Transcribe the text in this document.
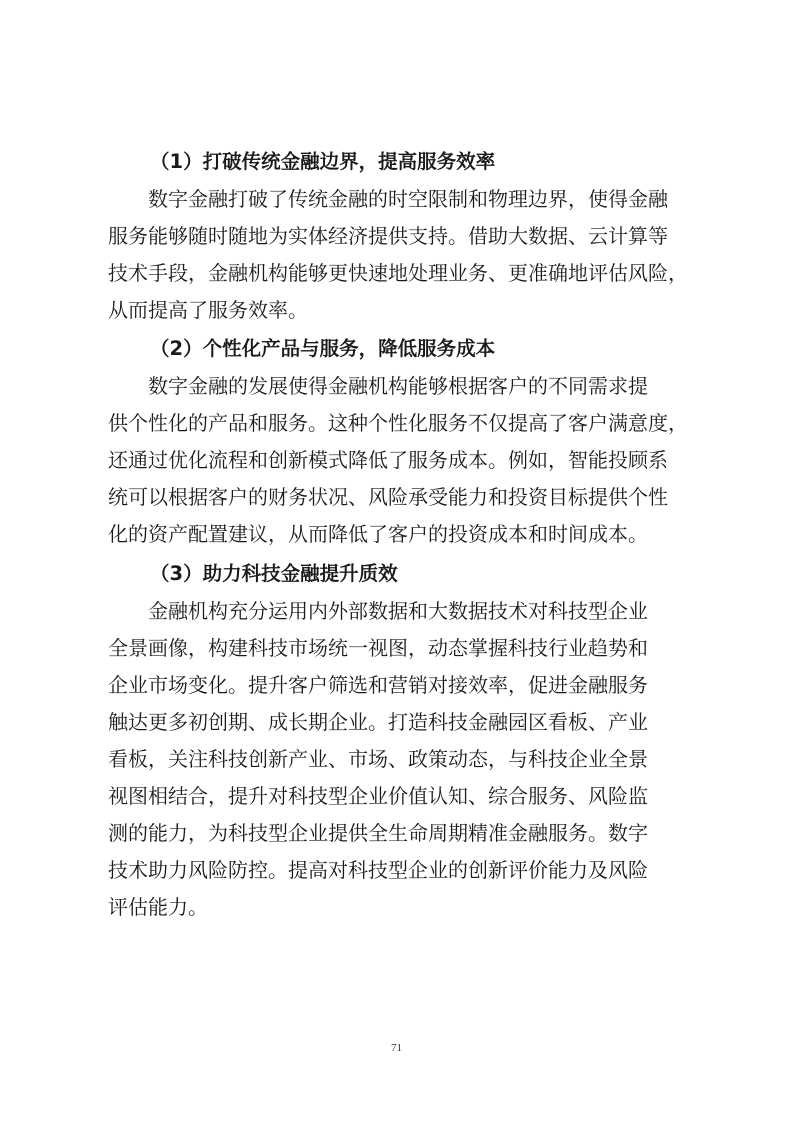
（1）打破传统金融边界，提高服务效率
　　数字金融打破了传统金融的时空限制和物理边界，使得金融
服务能够随时随地为实体经济提供支持。借助大数据、云计算等
技术手段，金融机构能够更快速地处理业务、更准确地评估风险，
从而提高了服务效率。
（2）个性化产品与服务，降低服务成本
　　数字金融的发展使得金融机构能够根据客户的不同需求提
供个性化的产品和服务。这种个性化服务不仅提高了客户满意度，
还通过优化流程和创新模式降低了服务成本。例如，智能投顾系
统可以根据客户的财务状况、风险承受能力和投资目标提供个性
化的资产配置建议，从而降低了客户的投资成本和时间成本。
（3）助力科技金融提升质效
　　金融机构充分运用内外部数据和大数据技术对科技型企业
全景画像，构建科技市场统一视图，动态掌握科技行业趋势和
企业市场变化。提升客户筛选和营销对接效率，促进金融服务
触达更多初创期、成长期企业。打造科技金融园区看板、产业
看板，关注科技创新产业、市场、政策动态，与科技企业全景
视图相结合，提升对科技型企业价值认知、综合服务、风险监
测的能力，为科技型企业提供全生命周期精准金融服务。数字
技术助力风险防控。提高对科技型企业的创新评价能力及风险
评估能力。
71
